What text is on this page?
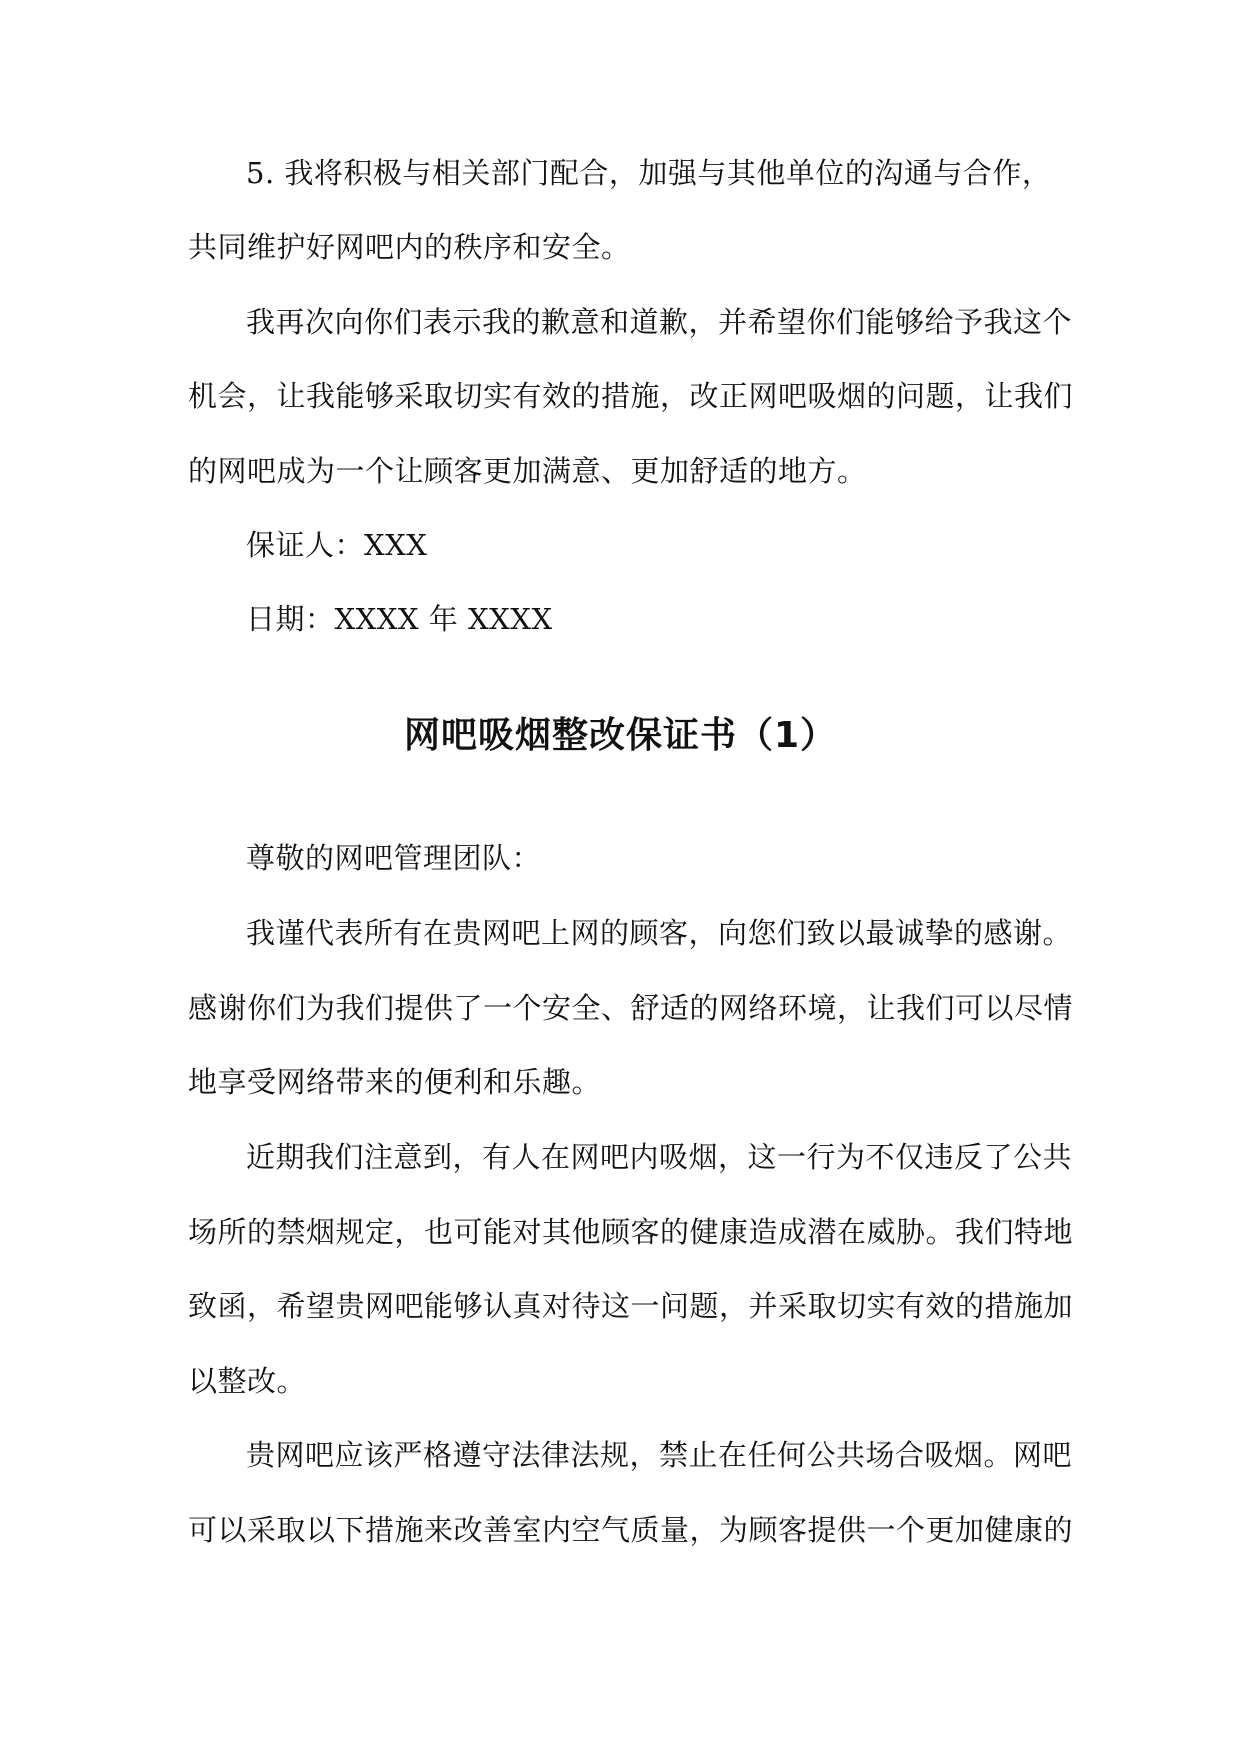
5. 我将积极与相关部门配合，加强与其他单位的沟通与合作，
共同维护好网吧内的秩序和安全。
我再次向你们表示我的歉意和道歉，并希望你们能够给予我这个
机会，让我能够采取切实有效的措施，改正网吧吸烟的问题，让我们
的网吧成为一个让顾客更加满意、更加舒适的地方。
保证人：XXX
日期：XXXX 年 XXXX
网吧吸烟整改保证书（1）
尊敬的网吧管理团队：
我谨代表所有在贵网吧上网的顾客，向您们致以最诚挚的感谢。
感谢你们为我们提供了一个安全、舒适的网络环境，让我们可以尽情
地享受网络带来的便利和乐趣。
近期我们注意到，有人在网吧内吸烟，这一行为不仅违反了公共
场所的禁烟规定，也可能对其他顾客的健康造成潜在威胁。我们特地
致函，希望贵网吧能够认真对待这一问题，并采取切实有效的措施加
以整改。
贵网吧应该严格遵守法律法规，禁止在任何公共场合吸烟。网吧
可以采取以下措施来改善室内空气质量，为顾客提供一个更加健康的
